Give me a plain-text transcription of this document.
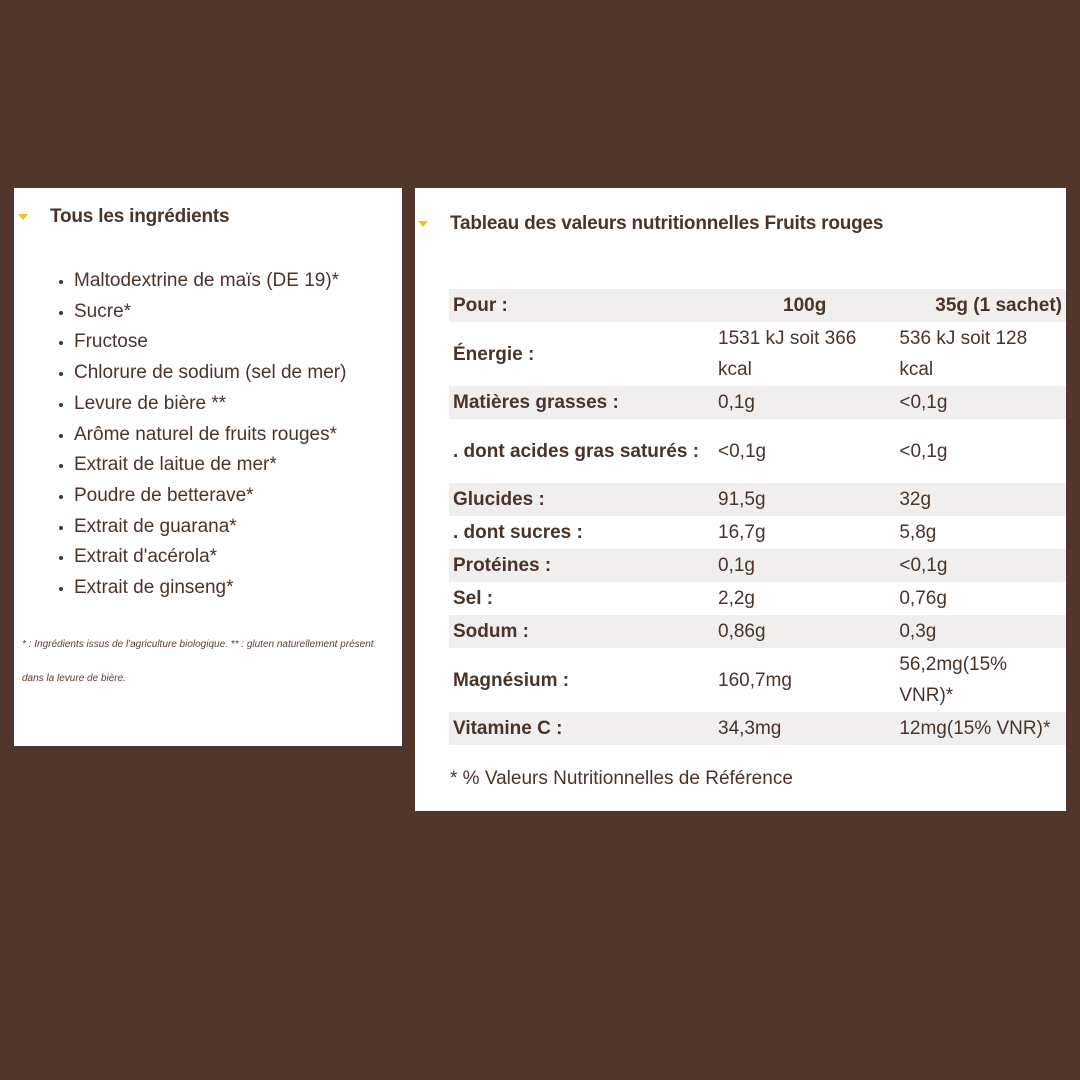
Tous les ingrédients
• Maltodextrine de maïs (DE 19)*
• Sucre*
• Fructose
• Chlorure de sodium (sel de mer)
• Levure de bière **
• Arôme naturel de fruits rouges*
• Extrait de laitue de mer*
• Poudre de betterave*
• Extrait de guarana*
• Extrait d'acérola*
• Extrait de ginseng*
* : Ingrédients issus de l'agriculture biologique. ** : gluten naturellement présent dans la levure de bière.
Tableau des valeurs nutritionnelles Fruits rouges
Pour :	100g	35g (1 sachet)
Énergie :	1531 kJ soit 366 kcal	536 kJ soit 128 kcal
Matières grasses :	0,1g	<0,1g
. dont acides gras saturés :	<0,1g	<0,1g
Glucides :	91,5g	32g
. dont sucres :	16,7g	5,8g
Protéines :	0,1g	<0,1g
Sel :	2,2g	0,76g
Sodum :	0,86g	0,3g
Magnésium :	160,7mg	56,2mg(15% VNR)*
Vitamine C :	34,3mg	12mg(15% VNR)*
* % Valeurs Nutritionnelles de Référence
